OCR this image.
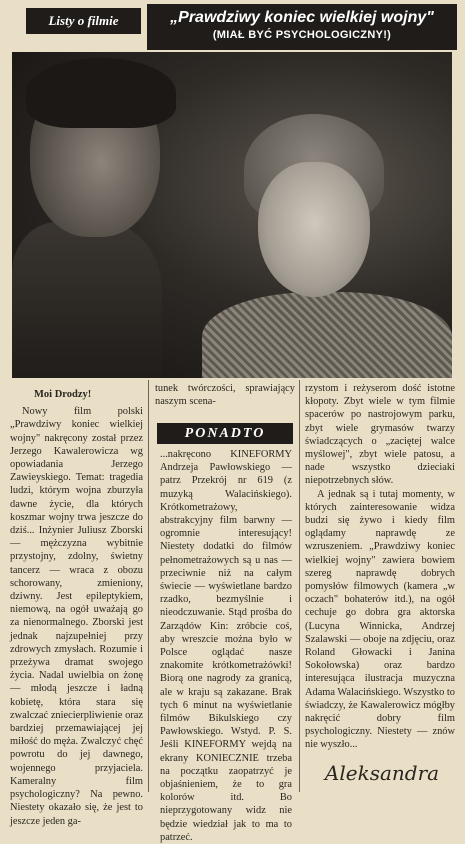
Listy o filmie	„Prawdziwy koniec wielkiej wojny"
(MIAŁ BYĆ PSYCHOLOGICZNY!)

Moi Drodzy!

Nowy film polski „Prawdziwy koniec wielkiej wojny" nakręcony został przez Jerzego Kawalerowicza wg opowiadania Jerzego Zawieyskiego. Temat: tragedia ludzi, którym wojna zburzyła dawne życie, dla których koszmar wojny trwa jeszcze do dziś... Inżynier Juliusz Zborski — mężczyzna wybitnie przystojny, zdolny, świetny tancerz — wraca z obozu schorowany, zmieniony, dziwny. Jest epileptykiem, niemową, na ogół uważają go za nienormalnego. Zborski jest jednak najzupełniej przy zdrowych zmysłach. Rozumie i przeżywa dramat swojego życia. Nadal uwielbia on żonę — młodą jeszcze i ładną kobietę, która stara się zwalczać zniecierpliwienie oraz bardziej przemawiającej jej miłość do męża. Zwalczyć chęć powrotu do jej dawnego, wojennego przyjaciela. Kameralny film psychologiczny? Na pewno. Niestety okazało się, że jest to jeszcze jeden ga-

tunek twórczości, sprawiający naszym scena-

PONADTO

...nakręcono KINEFORMY Andrzeja Pawłowskiego — patrz Przekrój nr 619 (z muzyką Walacińskiego). Krótkometrażowy, abstrakcyjny film barwny — ogromnie interesujący! Niestety dodatki do filmów pełnometrażowych są u nas — przeciwnie niż na całym świecie — wyświetlane bardzo rzadko, bezmyślnie i nieodczuwanie. Stąd prośba do Zarządów Kin: zróbcie coś, aby wreszcie można było w Polsce oglądać nasze znakomite krótkometrażówki! Biorą one nagrody za granicą, ale w kraju są zakazane. Brak tych 6 minut na wyświetlanie filmów Bikulskiego czy Pawłowskiego. Wstyd. P. S. Jeśli KINEFORMY wejdą na ekrany KONIECZNIE trzeba na początku zaopatrzyć je objaśnieniem, że to gra kolorów itd. Bo nieprzygotowany widz nie będzie wiedział jak to ma to patrzeć.

rzystom i reżyserom dość istotne kłopoty. Zbyt wiele w tym filmie spacerów po nastrojowym parku, zbyt wiele grymasów twarzy świadczących o „zaciętej walce myślowej", zbyt wiele patosu, a nade wszystko dzieciaki niepotrzebnych słów.

A jednak są i tutaj momenty, w których zainteresowanie widza budzi się żywo i kiedy film oglądamy naprawdę ze wzruszeniem. „Prawdziwy koniec wielkiej wojny" zawiera bowiem szereg naprawdę dobrych pomysłów filmowych (kamera „w oczach" bohaterów itd.), na ogół cechuje go dobra gra aktorska (Lucyna Winnicka, Andrzej Szalawski — oboje na zdjęciu, oraz Roland Głowacki i Janina Sokołowska) oraz bardzo interesująca ilustracja muzyczna Adama Walacińskiego. Wszystko to świadczy, że Kawalerowicz mógłby nakręcić dobry film psychologiczny. Niestety — znów nie wyszło...

Aleksandra
